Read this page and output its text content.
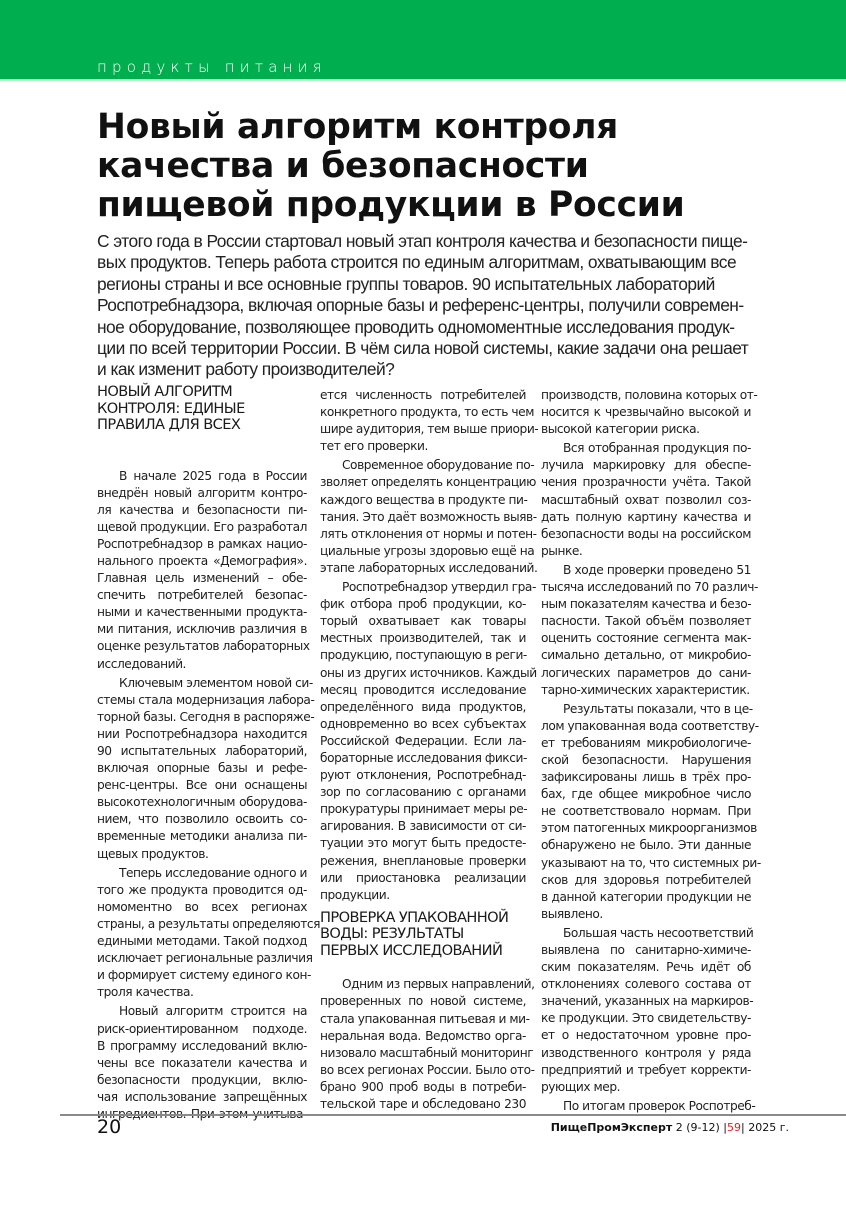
продукты питания
Новый алгоритм контроля
качества и безопасности
пищевой продукции в России
С этого года в России стартовал новый этап контроля качества и безопасности пище-
вых продуктов. Теперь работа строится по единым алгоритмам, охватывающим все
регионы страны и все основные группы товаров. 90 испытательных лабораторий
Роспотребнадзора, включая опорные базы и референс-центры, получили современ-
ное оборудование, позволяющее проводить одномоментные исследования продук-
ции по всей территории России. В чём сила новой системы, какие задачи она решает
и как изменит работу производителей?
НОВЫЙ АЛГОРИТМ
КОНТРОЛЯ: ЕДИНЫЕ
ПРАВИЛА ДЛЯ ВСЕХ
В начале 2025 года в России
внедрён новый алгоритм контро-
ля качества и безопасности пи-
щевой продукции. Его разработал
Роспотребнадзор в рамках нацио-
нального проекта «Демография».
Главная цель изменений – обе-
спечить потребителей безопас-
ными и качественными продукта-
ми питания, исключив различия в
оценке результатов лабораторных
исследований.
Ключевым элементом новой си-
стемы стала модернизация лабора-
торной базы. Сегодня в распоряже-
нии Роспотребнадзора находится
90 испытательных лабораторий,
включая опорные базы и рефе-
ренс-центры. Все они оснащены
высокотехнологичным оборудова-
нием, что позволило освоить со-
временные методики анализа пи-
щевых продуктов.
Теперь исследование одного и
того же продукта проводится од-
номоментно во всех регионах
страны, а результаты определяются
едиными методами. Такой подход
исключает региональные различия
и формирует систему единого кон-
троля качества.
Новый алгоритм строится на
риск-ориентированном подходе.
В программу исследований вклю-
чены все показатели качества и
безопасности продукции, вклю-
чая использование запрещённых
ется численность потребителей
конкретного продукта, то есть чем
шире аудитория, тем выше приори-
тет его проверки.
Современное оборудование по-
зволяет определять концентрацию
каждого вещества в продукте пи-
тания. Это даёт возможность выяв-
лять отклонения от нормы и потен-
циальные угрозы здоровью ещё на
этапе лабораторных исследований.
Роспотребнадзор утвердил гра-
фик отбора проб продукции, ко-
торый охватывает как товары
местных производителей, так и
продукцию, поступающую в реги-
оны из других источников. Каждый
месяц проводится исследование
определённого вида продуктов,
одновременно во всех субъектах
Российской Федерации. Если ла-
бораторные исследования фикси-
руют отклонения, Роспотребнад-
зор по согласованию с органами
прокуратуры принимает меры ре-
агирования. В зависимости от си-
туации это могут быть предосте-
режения, внеплановые проверки
или приостановка реализации
продукции.
ПРОВЕРКА УПАКОВАННОЙ
ВОДЫ: РЕЗУЛЬТАТЫ
ПЕРВЫХ ИССЛЕДОВАНИЙ
Одним из первых направлений,
проверенных по новой системе,
стала упакованная питьевая и ми-
неральная вода. Ведомство орга-
низовало масштабный мониторинг
во всех регионах России. Было ото-
брано 900 проб воды в потреби-
тельской таре и обследовано 230
производств, половина которых от-
носится к чрезвычайно высокой и
высокой категории риска.
Вся отобранная продукция по-
лучила маркировку для обеспе-
чения прозрачности учёта. Такой
масштабный охват позволил соз-
дать полную картину качества и
безопасности воды на российском
рынке.
В ходе проверки проведено 51
тысяча исследований по 70 различ-
ным показателям качества и безо-
пасности. Такой объём позволяет
оценить состояние сегмента мак-
симально детально, от микробио-
логических параметров до сани-
тарно-химических характеристик.
Результаты показали, что в це-
лом упакованная вода соответству-
ет требованиям микробиологиче-
ской безопасности. Нарушения
зафиксированы лишь в трёх про-
бах, где общее микробное число
не соответствовало нормам. При
этом патогенных микроорганизмов
обнаружено не было. Эти данные
указывают на то, что системных ри-
сков для здоровья потребителей
в данной категории продукции не
выявлено.
Большая часть несоответствий
выявлена по санитарно-химиче-
ским показателям. Речь идёт об
отклонениях солевого состава от
значений, указанных на маркиров-
ке продукции. Это свидетельству-
ет о недостаточном уровне про-
изводственного контроля у ряда
предприятий и требует корректи-
рующих мер.
По итогам проверок Роспотреб-
20	ПищеПромЭксперт 2 (9-12) |59| 2025 г.
